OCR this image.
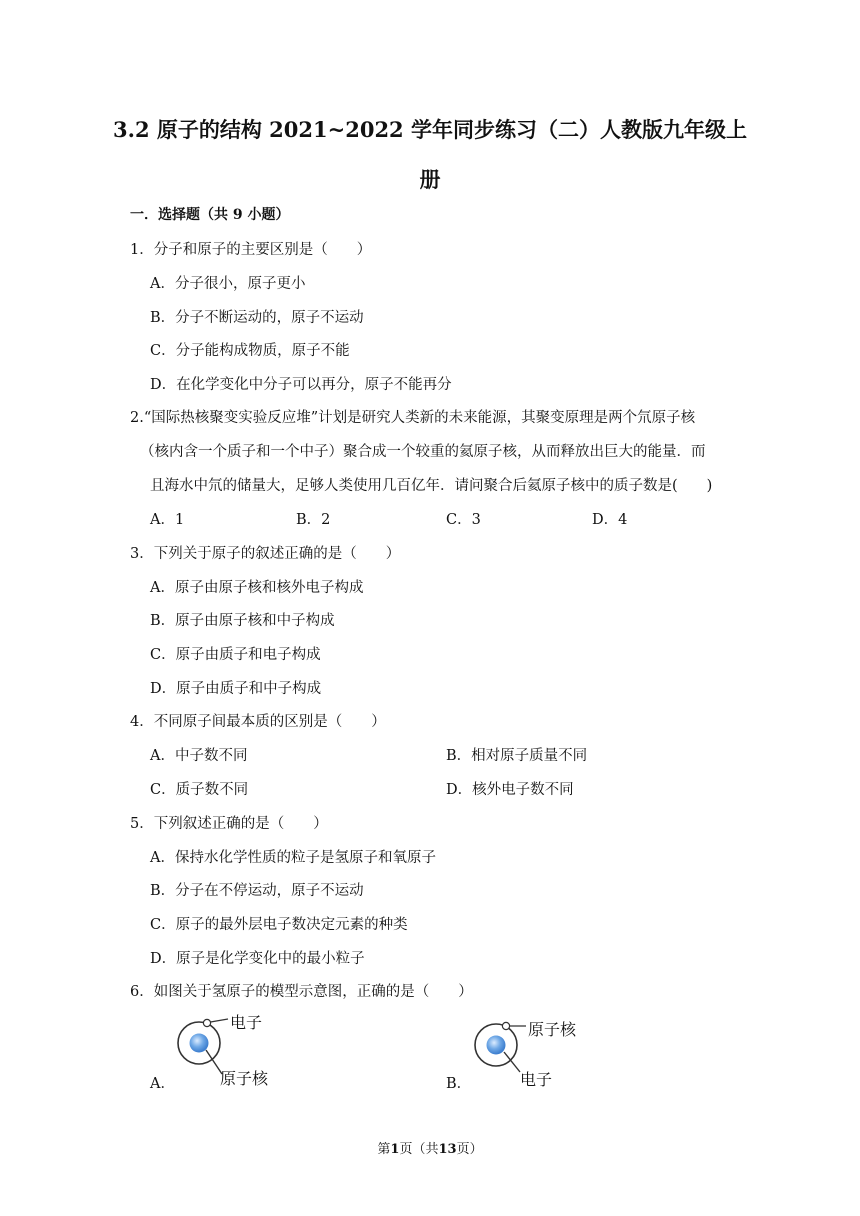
3.2 原子的结构 2021~2022 学年同步练习（二）人教版九年级上
册
一．选择题（共 9 小题）
1．分子和原子的主要区别是（　　）
A．分子很小，原子更小
B．分子不断运动的，原子不运动
C．分子能构成物质，原子不能
D．在化学变化中分子可以再分，原子不能再分
2.“国际热核聚变实验反应堆”计划是研究人类新的未来能源，其聚变原理是两个氘原子核
（核内含一个质子和一个中子）聚合成一个较重的氦原子核，从而释放出巨大的能量．而
且海水中氘的储量大，足够人类使用几百亿年．请问聚合后氦原子核中的质子数是(　　)
A．1	B．2	C．3	D．4
3．下列关于原子的叙述正确的是（　　）
A．原子由原子核和核外电子构成
B．原子由原子核和中子构成
C．原子由质子和电子构成
D．原子由质子和中子构成
4．不同原子间最本质的区别是（　　）
A．中子数不同	B．相对原子质量不同
C．质子数不同	D．核外电子数不同
5．下列叙述正确的是（　　）
A．保持水化学性质的粒子是氢原子和氧原子
B．分子在不停运动，原子不运动
C．原子的最外层电子数决定元素的种类
D．原子是化学变化中的最小粒子
6．如图关于氢原子的模型示意图，正确的是（　　）
A．	B．
电子
原子核
原子核
电子
第1页（共13页）
